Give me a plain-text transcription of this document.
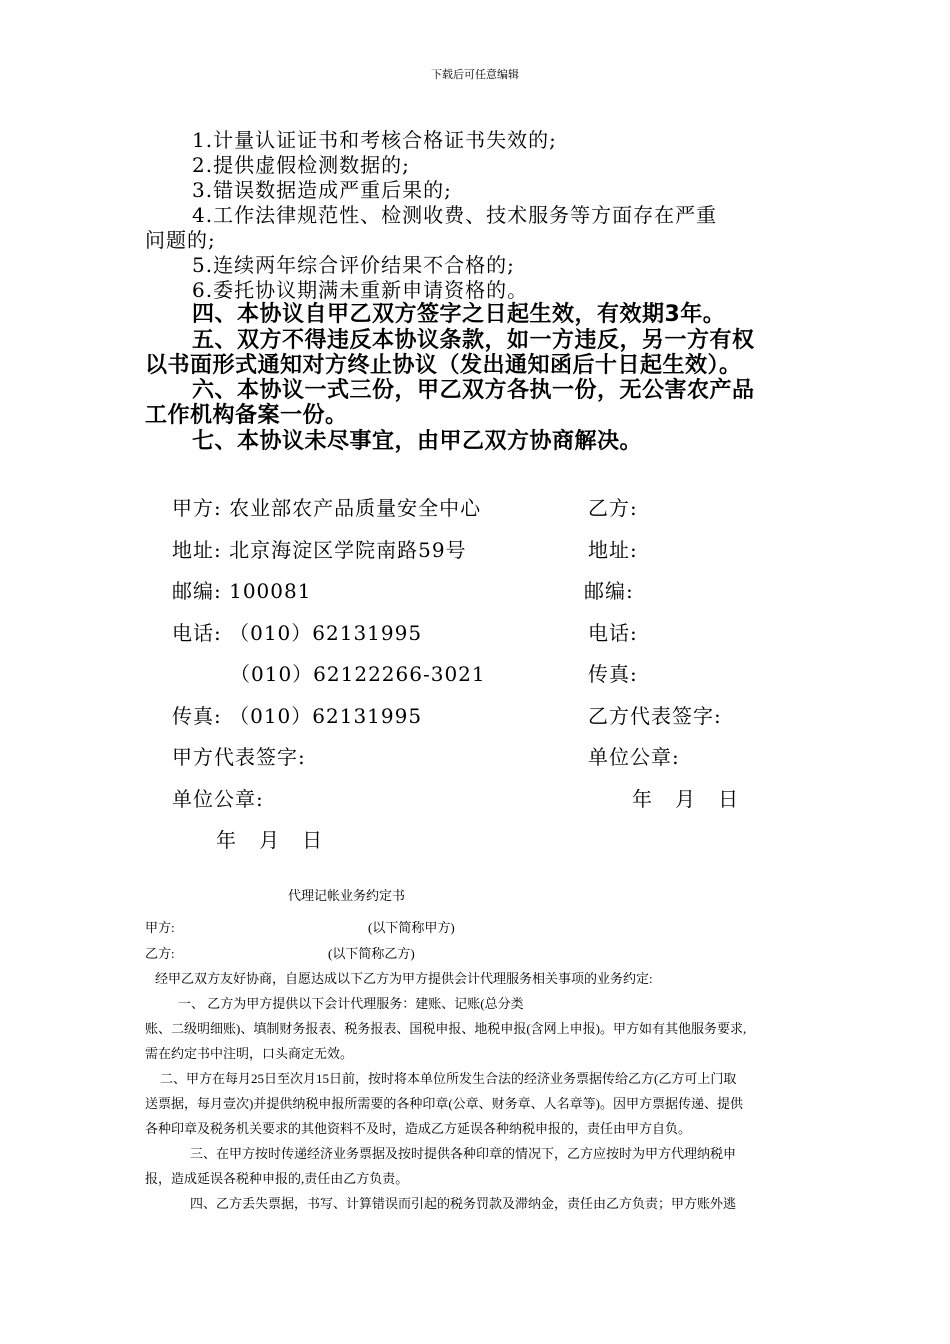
下载后可任意编辑
1.计量认证证书和考核合格证书失效的;
2.提供虚假检测数据的;
3.错误数据造成严重后果的;
4.工作法律规范性、检测收费、技术服务等方面存在严重
问题的;
5.连续两年综合评价结果不合格的;
6.委托协议期满未重新申请资格的。
四、本协议自甲乙双方签字之日起生效，有效期3年。
五、双方不得违反本协议条款，如一方违反，另一方有权
以书面形式通知对方终止协议（发出通知函后十日起生效）。
六、本协议一式三份，甲乙双方各执一份，无公害农产品
工作机构备案一份。
七、本协议未尽事宜，由甲乙双方协商解决。
甲方: 农业部农产品质量安全中心
地址: 北京海淀区学院南路59号
邮编: 100081
电话: （010）62131995
（010）62122266-3021
传真: （010）62131995
甲方代表签字:
单位公章:
年   月   日
乙方:
地址:
邮编:
电话:
传真:
乙方代表签字:
单位公章:
年   月   日
代理记帐业务约定书
甲方:	(以下简称甲方)
乙方:	(以下简称乙方)
经甲乙双方友好协商，自愿达成以下乙方为甲方提供会计代理服务相关事项的业务约定:
一、 乙方为甲方提供以下会计代理服务：建账、记账(总分类
账、二级明细账)、填制财务报表、税务报表、国税申报、地税申报(含网上申报)。甲方如有其他服务要求,
需在约定书中注明，口头商定无效。
二、甲方在每月25日至次月15日前，按时将本单位所发生合法的经济业务票据传给乙方(乙方可上门取
送票据，每月壹次)并提供纳税申报所需要的各种印章(公章、财务章、人名章等)。因甲方票据传递、提供
各种印章及税务机关要求的其他资料不及时，造成乙方延误各种纳税申报的，责任由甲方自负。
三、在甲方按时传递经济业务票据及按时提供各种印章的情况下，乙方应按时为甲方代理纳税申
报，造成延误各税种申报的,责任由乙方负责。
四、乙方丢失票据，书写、计算错误而引起的税务罚款及滞纳金，责任由乙方负责；甲方账外逃
